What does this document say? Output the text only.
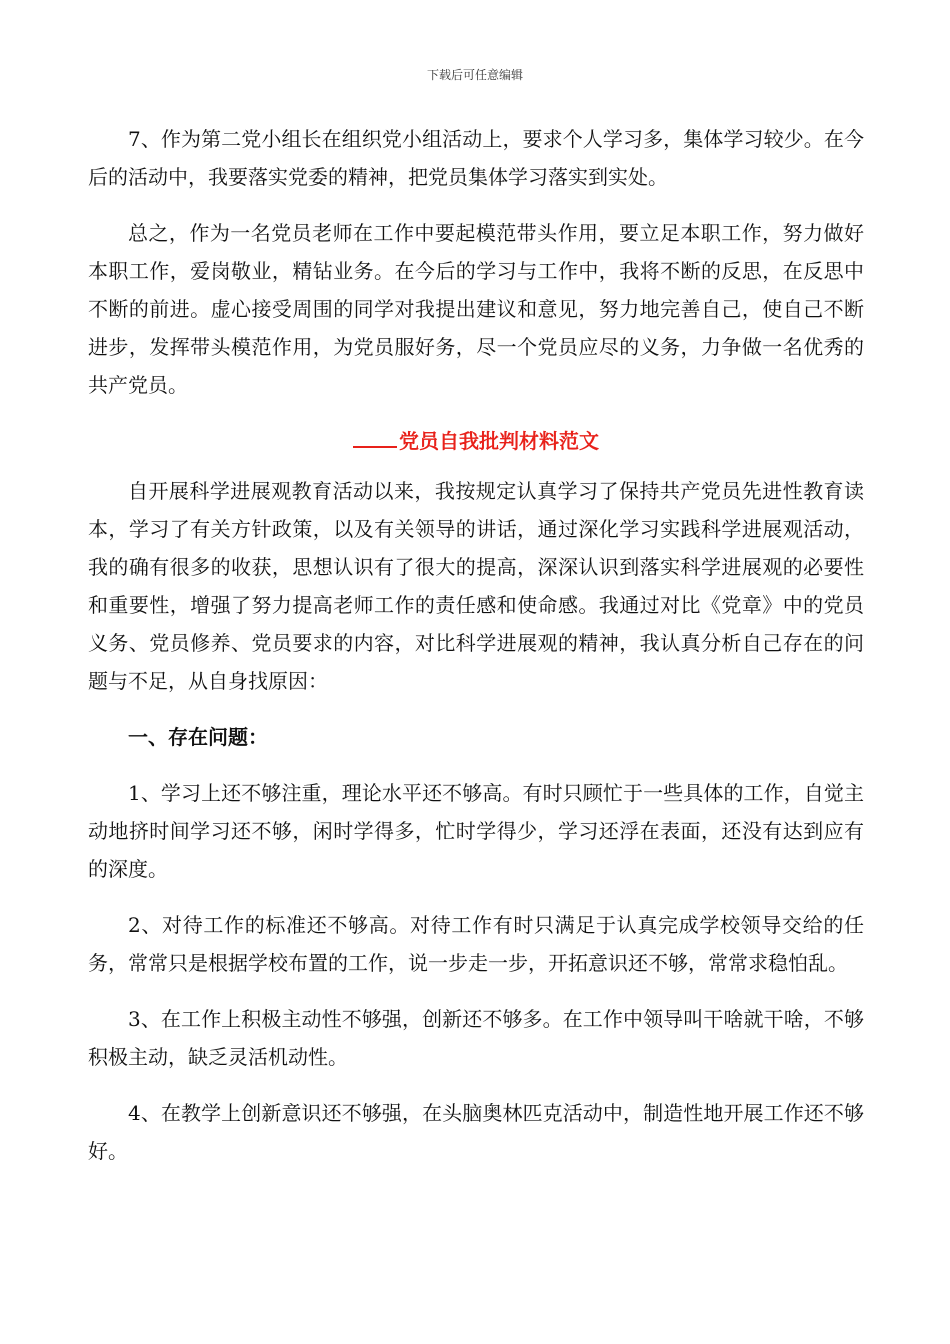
下载后可任意编辑

7、作为第二党小组长在组织党小组活动上，要求个人学习多，集体学习较少。在今后的活动中，我要落实党委的精神，把党员集体学习落实到实处。

总之，作为一名党员老师在工作中要起模范带头作用，要立足本职工作，努力做好本职工作，爱岗敬业，精钻业务。在今后的学习与工作中，我将不断的反思，在反思中不断的前进。虚心接受周围的同学对我提出建议和意见，努力地完善自己，使自己不断进步，发挥带头模范作用，为党员服好务，尽一个党员应尽的义务，力争做一名优秀的共产党员。

党员自我批判材料范文

自开展科学进展观教育活动以来，我按规定认真学习了保持共产党员先进性教育读本，学习了有关方针政策，以及有关领导的讲话，通过深化学习实践科学进展观活动，我的确有很多的收获，思想认识有了很大的提高，深深认识到落实科学进展观的必要性和重要性，增强了努力提高老师工作的责任感和使命感。我通过对比《党章》中的党员义务、党员修养、党员要求的内容，对比科学进展观的精神，我认真分析自己存在的问题与不足，从自身找原因：

一、存在问题：

1、学习上还不够注重，理论水平还不够高。有时只顾忙于一些具体的工作，自觉主动地挤时间学习还不够，闲时学得多，忙时学得少，学习还浮在表面，还没有达到应有的深度。

2、对待工作的标准还不够高。对待工作有时只满足于认真完成学校领导交给的任务，常常只是根据学校布置的工作，说一步走一步，开拓意识还不够，常常求稳怕乱。

3、在工作上积极主动性不够强，创新还不够多。在工作中领导叫干啥就干啥，不够积极主动，缺乏灵活机动性。

4、在教学上创新意识还不够强，在头脑奥林匹克活动中，制造性地开展工作还不够好。
